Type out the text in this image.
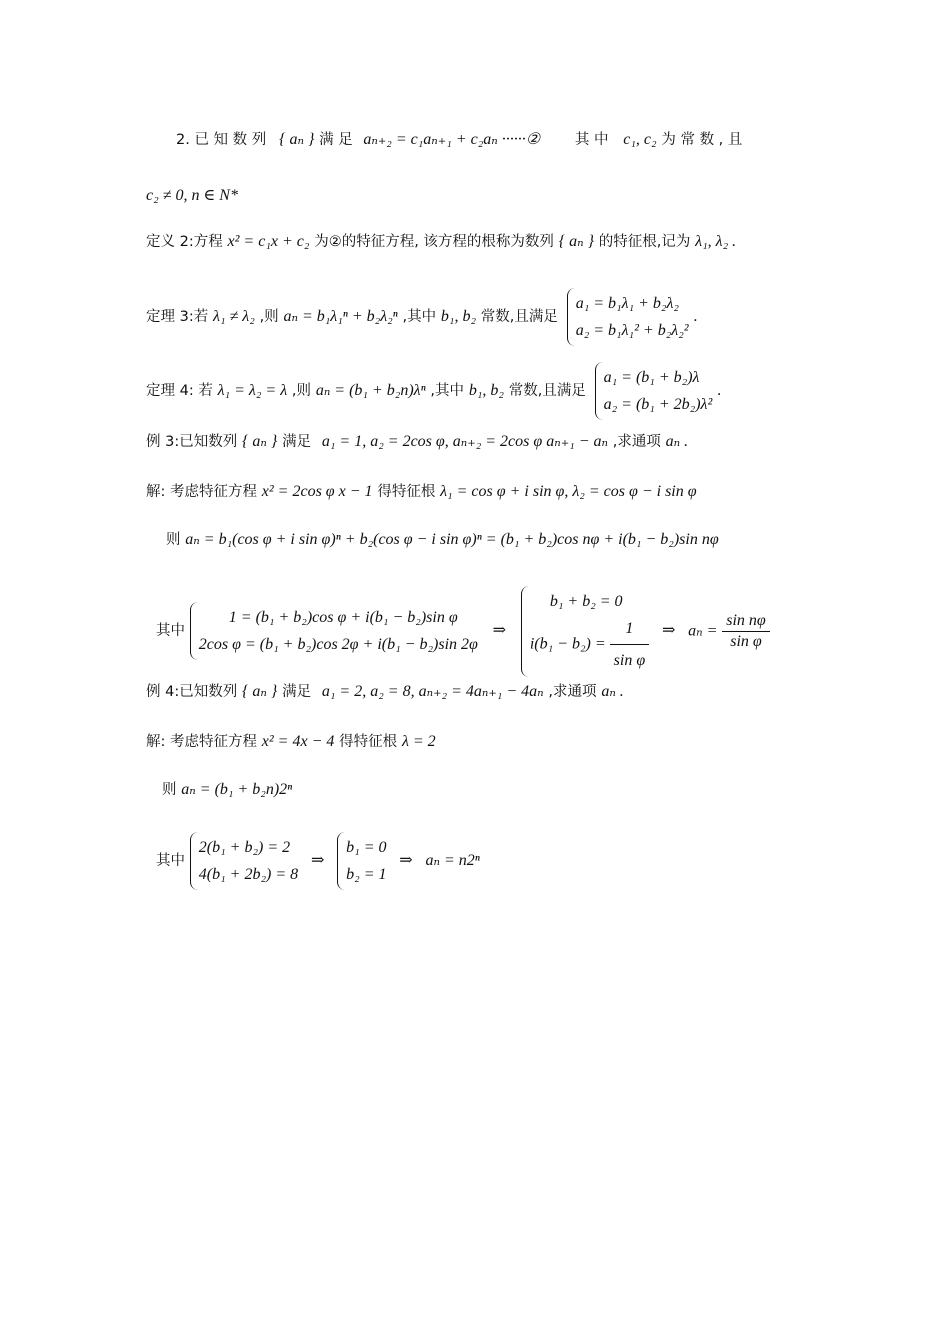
2. 已 知 数 列 { aₙ } 满 足 aₙ₊₂ = c₁aₙ₊₁ + c₂aₙ ······② 其 中 c₁, c₂ 为 常 数 , 且
c₂ ≠ 0, n ∈ N*
定义 2:方程 x² = c₁x + c₂ 为②的特征方程, 该方程的根称为数列 { aₙ } 的特征根,记为 λ₁, λ₂ .
定理 3:若 λ₁ ≠ λ₂ ,则 aₙ = b₁λ₁ⁿ + b₂λ₂ⁿ ,其中 b₁, b₂ 常数,且满足
a₁ = b₁λ₁ + b₂λ₂
a₂ = b₁λ₁² + b₂λ₂²
.
定理 4: 若 λ₁ = λ₂ = λ ,则 aₙ = (b₁ + b₂n)λⁿ ,其中 b₁, b₂ 常数,且满足
a₁ = (b₁ + b₂)λ
a₂ = (b₁ + 2b₂)λ²
.
例 3:已知数列 { aₙ } 满足 a₁ = 1, a₂ = 2cos φ, aₙ₊₂ = 2cos φ aₙ₊₁ − aₙ ,求通项 aₙ .
解: 考虑特征方程 x² = 2cos φ x − 1 得特征根 λ₁ = cos φ + i sin φ, λ₂ = cos φ − i sin φ
则 aₙ = b₁(cos φ + i sin φ)ⁿ + b₂(cos φ − i sin φ)ⁿ = (b₁ + b₂)cos nφ + i(b₁ − b₂)sin nφ
其中
1 = (b₁ + b₂)cos φ + i(b₁ − b₂)sin φ
2cos φ = (b₁ + b₂)cos 2φ + i(b₁ − b₂)sin 2φ
⇒
b₁ + b₂ = 0
$i(b_1 - b_2) = \frac{1}{\text{sin φ}}$ ⇒ $a_n = \frac{\text{sin nφ}}{\text{sin φ}}$
例 4:已知数列 { aₙ } 满足 a₁ = 2, a₂ = 8, aₙ₊₂ = 4aₙ₊₁ − 4aₙ ,求通项 aₙ .
解: 考虑特征方程 x² = 4x − 4 得特征根 λ = 2
则 aₙ = (b₁ + b₂n)2ⁿ
其中
2(b₁ + b₂) = 2
4(b₁ + 2b₂) = 8
⇒
b₁ = 0
b₂ = 1
⇒ aₙ = n2ⁿ
